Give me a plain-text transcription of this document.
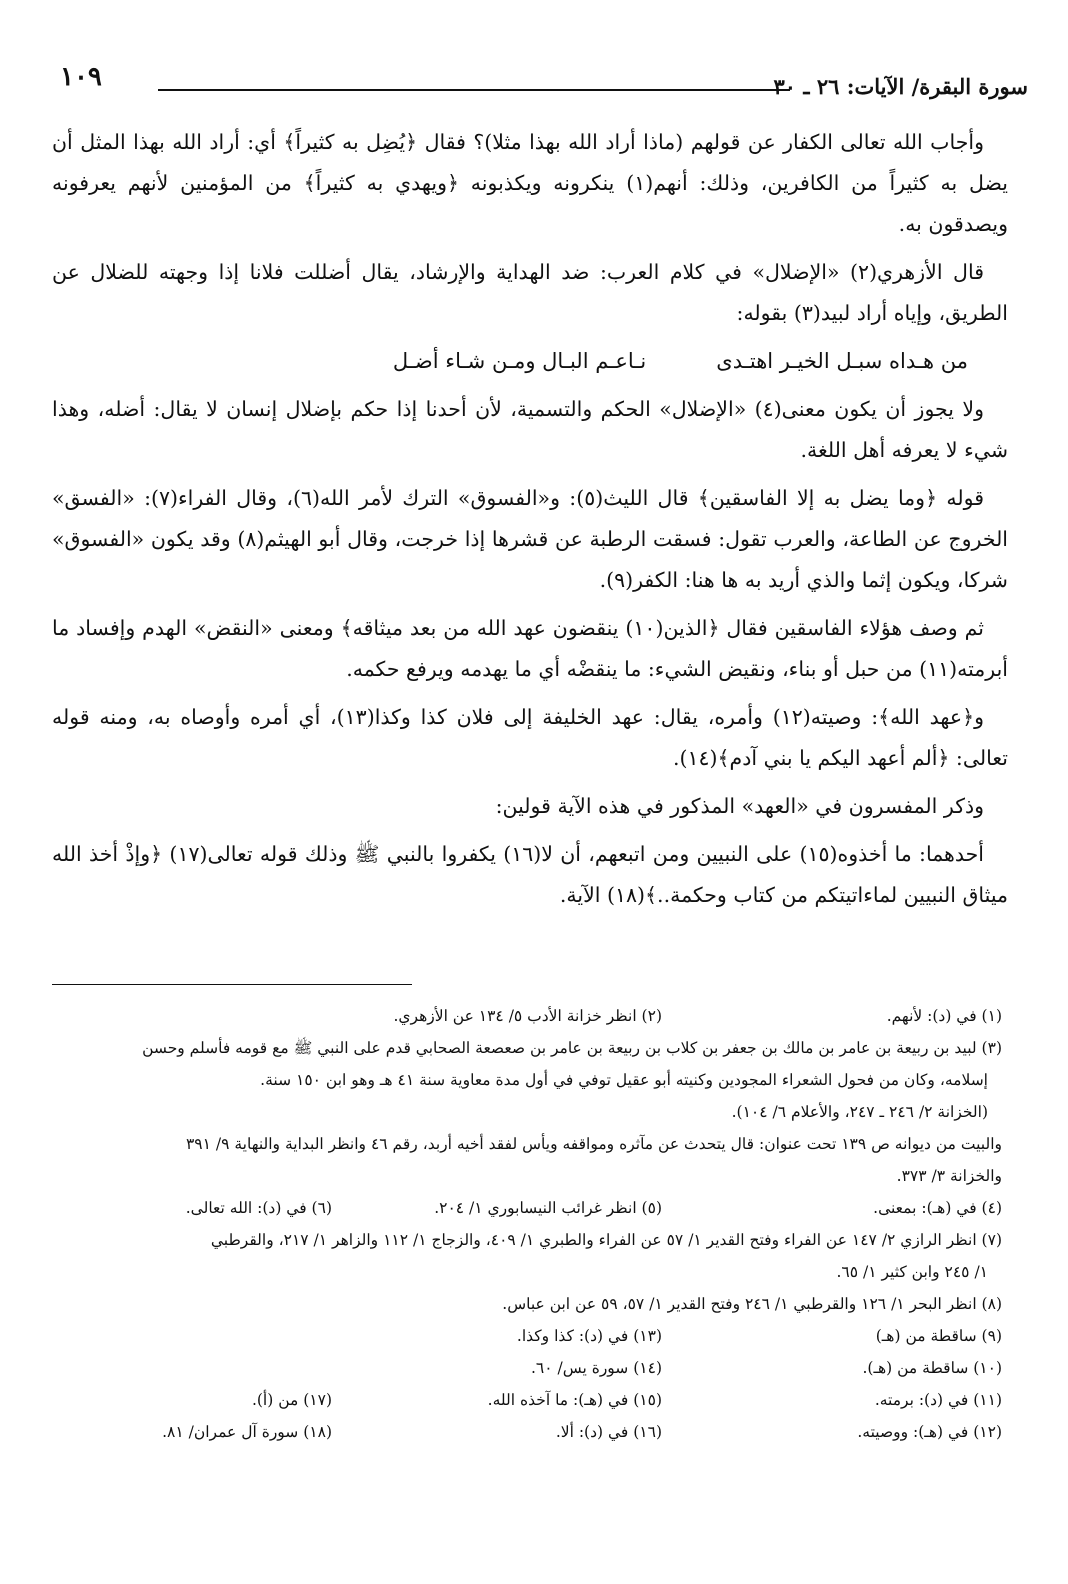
١٠٩	سورة البقرة/ الآيات: ٢٦ ـ ٣٠

وأجاب الله تعالى الكفار عن قولهم (ماذا أراد الله بهذا مثلا)؟ فقال ﴿يُضِل به كثيراً﴾ أي: أراد الله بهذا المثل أن يضل به كثيراً من الكافرين، وذلك: أنهم(١) ينكرونه ويكذبونه ﴿ويهدي به كثيراً﴾ من المؤمنين لأنهم يعرفونه ويصدقون به.

قال الأزهري(٢) «الإضلال» في كلام العرب: ضد الهداية والإرشاد، يقال أضللت فلانا إذا وجهته للضلال عن الطريق، وإياه أراد لبيد(٣) بقوله:

من هـداه سبـل الخيـر اهتـدى
نـاعـم البـال ومـن شـاء أضـل

ولا يجوز أن يكون معنى(٤) «الإضلال» الحكم والتسمية، لأن أحدنا إذا حكم بإضلال إنسان لا يقال: أضله، وهذا شيء لا يعرفه أهل اللغة.

قوله ﴿وما يضل به إلا الفاسقين﴾ قال الليث(٥): و«الفسوق» الترك لأمر الله(٦)، وقال الفراء(٧): «الفسق» الخروج عن الطاعة، والعرب تقول: فسقت الرطبة عن قشرها إذا خرجت، وقال أبو الهيثم(٨) وقد يكون «الفسوق» شركا، ويكون إثما والذي أريد به ها هنا: الكفر(٩).

ثم وصف هؤلاء الفاسقين فقال ﴿الذين(١٠) ينقضون عهد الله من بعد ميثاقه﴾ ومعنى «النقض» الهدم وإفساد ما أبرمته(١١) من حبل أو بناء، ونقيض الشيء: ما ينقضْه أي ما يهدمه ويرفع حكمه.

و﴿عهد الله﴾: وصيته(١٢) وأمره، يقال: عهد الخليفة إلى فلان كذا وكذا(١٣)، أي أمره وأوصاه به، ومنه قوله تعالى: ﴿ألم أعهد اليكم يا بني آدم﴾(١٤).

وذكر المفسرون في «العهد» المذكور في هذه الآية قولين:

أحدهما: ما أخذوه(١٥) على النبيين ومن اتبعهم، أن لا(١٦) يكفروا بالنبي ﷺ وذلك قوله تعالى(١٧) ﴿وإذْ أخذ الله ميثاق النبيين لماءاتيتكم من كتاب وحكمة..﴾(١٨) الآية.

(١) في (د): لأنهم.
(٢) انظر خزانة الأدب ٥/ ١٣٤ عن الأزهري.
(٣) لبيد بن ربيعة بن عامر بن مالك بن جعفر بن كلاب بن ربيعة بن عامر بن صعصعة الصحابي قدم على النبي ﷺ مع قومه فأسلم وحسن
إسلامه، وكان من فحول الشعراء المجودين وكنيته أبو عقيل توفي في أول مدة معاوية سنة ٤١ هـ وهو ابن ١٥٠ سنة.
(الخزانة ٢/ ٢٤٦ ـ ٢٤٧، والأعلام ٦/ ١٠٤).
والبيت من ديوانه ص ١٣٩ تحت عنوان: قال يتحدث عن مآثره ومواقفه ويأس لفقد أخيه أربد، رقم ٤٦ وانظر البداية والنهاية ٩/ ٣٩١
والخزانة ٣/ ٣٧٣.
(٤) في (هـ): بمعنى.
(٥) انظر غرائب النيسابوري ١/ ٢٠٤.
(٦) في (د): الله تعالى.
(٧) انظر الرازي ٢/ ١٤٧ عن الفراء وفتح القدير ١/ ٥٧ عن الفراء والطبري ١/ ٤٠٩، والزجاج ١/ ١١٢ والزاهر ١/ ٢١٧، والقرطبي
١/ ٢٤٥ وابن كثير ١/ ٦٥.
(٨) انظر البحر ١/ ١٢٦ والقرطبي ١/ ٢٤٦ وفتح القدير ١/ ٥٧، ٥٩ عن ابن عباس.
(٩) ساقطة من (هـ)
(١٣) في (د): كذا وكذا.
(١٠) ساقطة من (هـ).
(١٤) سورة يس/ ٦٠.
(١١) في (د): برمته.
(١٥) في (هـ): ما آخذه الله.
(١٧) من (أ).
(١٢) في (هـ): ووصيته.
(١٦) في (د): ألا.
(١٨) سورة آل عمران/ ٨١.
